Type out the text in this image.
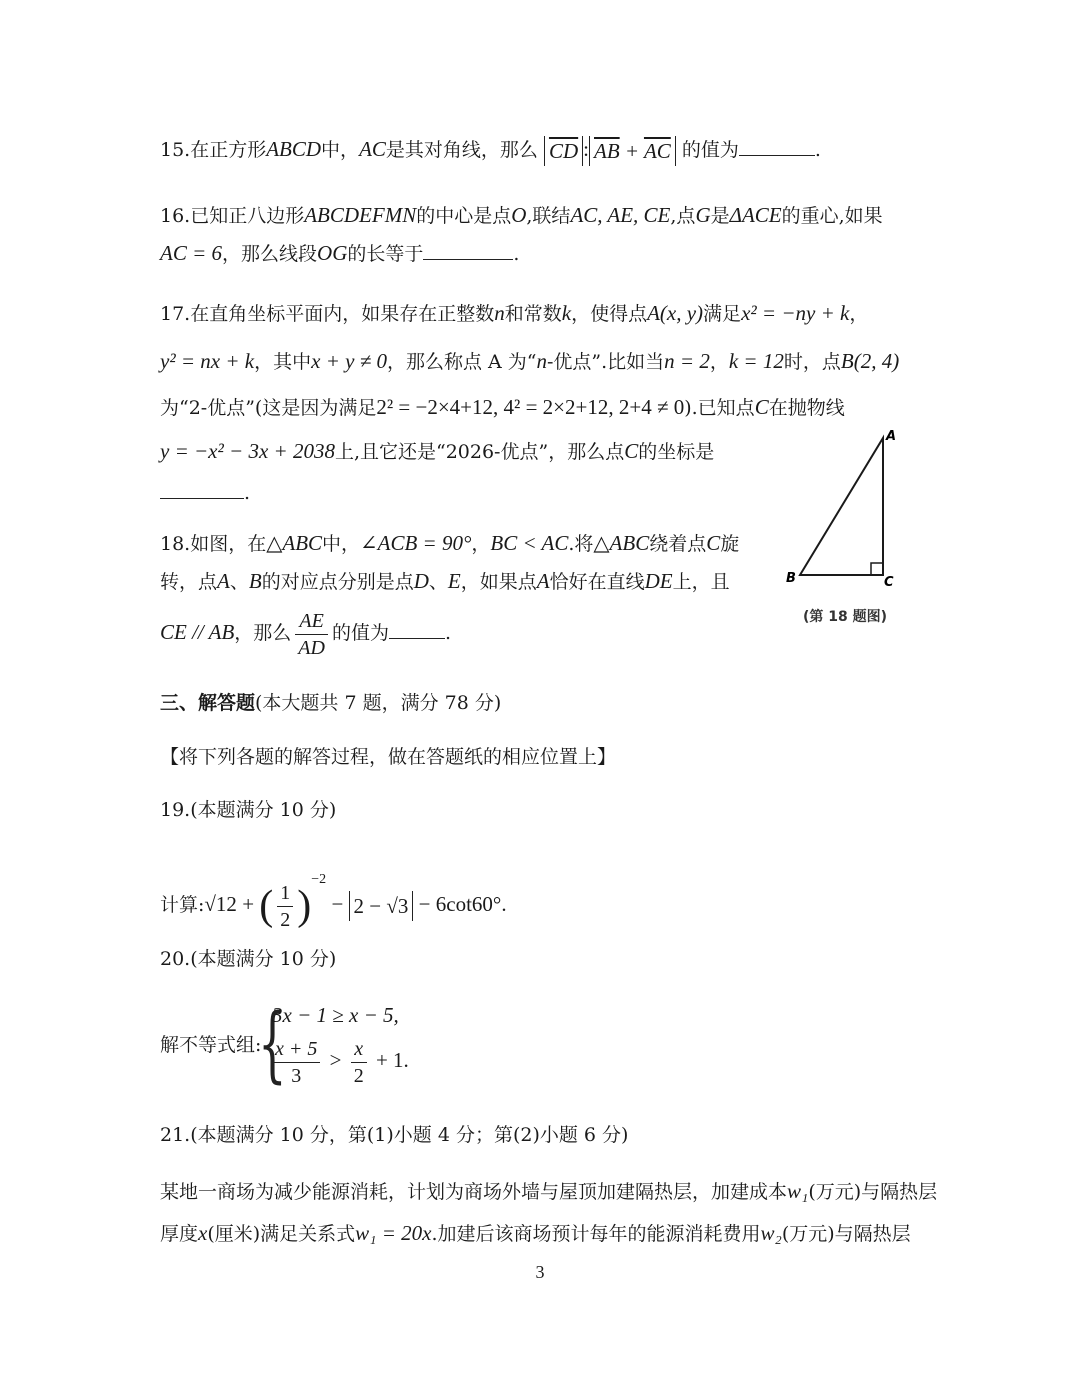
15.在正方形ABCD中，AC是其对角线，那么 $\overline{CD}$ : $\overline{AB} + \overline{AC}$ 的值为	.
16.已知正八边形ABCDEFMN的中心是点O,联结AC, AE, CE,点G是ΔACE的重心,如果
AC = 6，那么线段OG的长等于	.
17.在直角坐标平面内，如果存在正整数n和常数k，使得点A(x, y)满足x² = −ny + k，
y² = nx + k，其中x + y ≠ 0，那么称点 A 为“n-优点”.比如当n = 2，k = 12时，点B(2, 4)
为“2-优点”(这是因为满足2² = −2×4+12, 4² = 2×2+12, 2+4 ≠ 0).已知点C在抛物线
y = −x² − 3x + 2038上,且它还是“2026-优点”，那么点C的坐标是
.
A
B	C
(第 18 题图)
18.如图，在△ABC中，∠ACB = 90°，BC < AC.将△ABC绕着点C旋
转，点A、B的对应点分别是点D、E，如果点A恰好在直线DE上，且
CE // AB，那么 $\frac{AE}{AD}$ 的值为	.
三、解答题(本大题共 7 题，满分 78 分)
【将下列各题的解答过程，做在答题纸的相应位置上】
19.(本题满分 10 分)
计算:√12 + ( $\frac{1}{2} )^{-2} - 2 - √3 - 6\cot 60^\circ$.
20.(本题满分 10 分)
解不等式组:
{
3x − 1 ≥ x − 5,
$\frac{x + 5}{3} > \frac{x}{2} + 1$.
21.(本题满分 10 分，第(1)小题 4 分；第(2)小题 6 分)
某地一商场为减少能源消耗，计划为商场外墙与屋顶加建隔热层，加建成本w₁(万元)与隔热层
厚度x(厘米)满足关系式w₁ = 20x.加建后该商场预计每年的能源消耗费用w₂(万元)与隔热层
3
